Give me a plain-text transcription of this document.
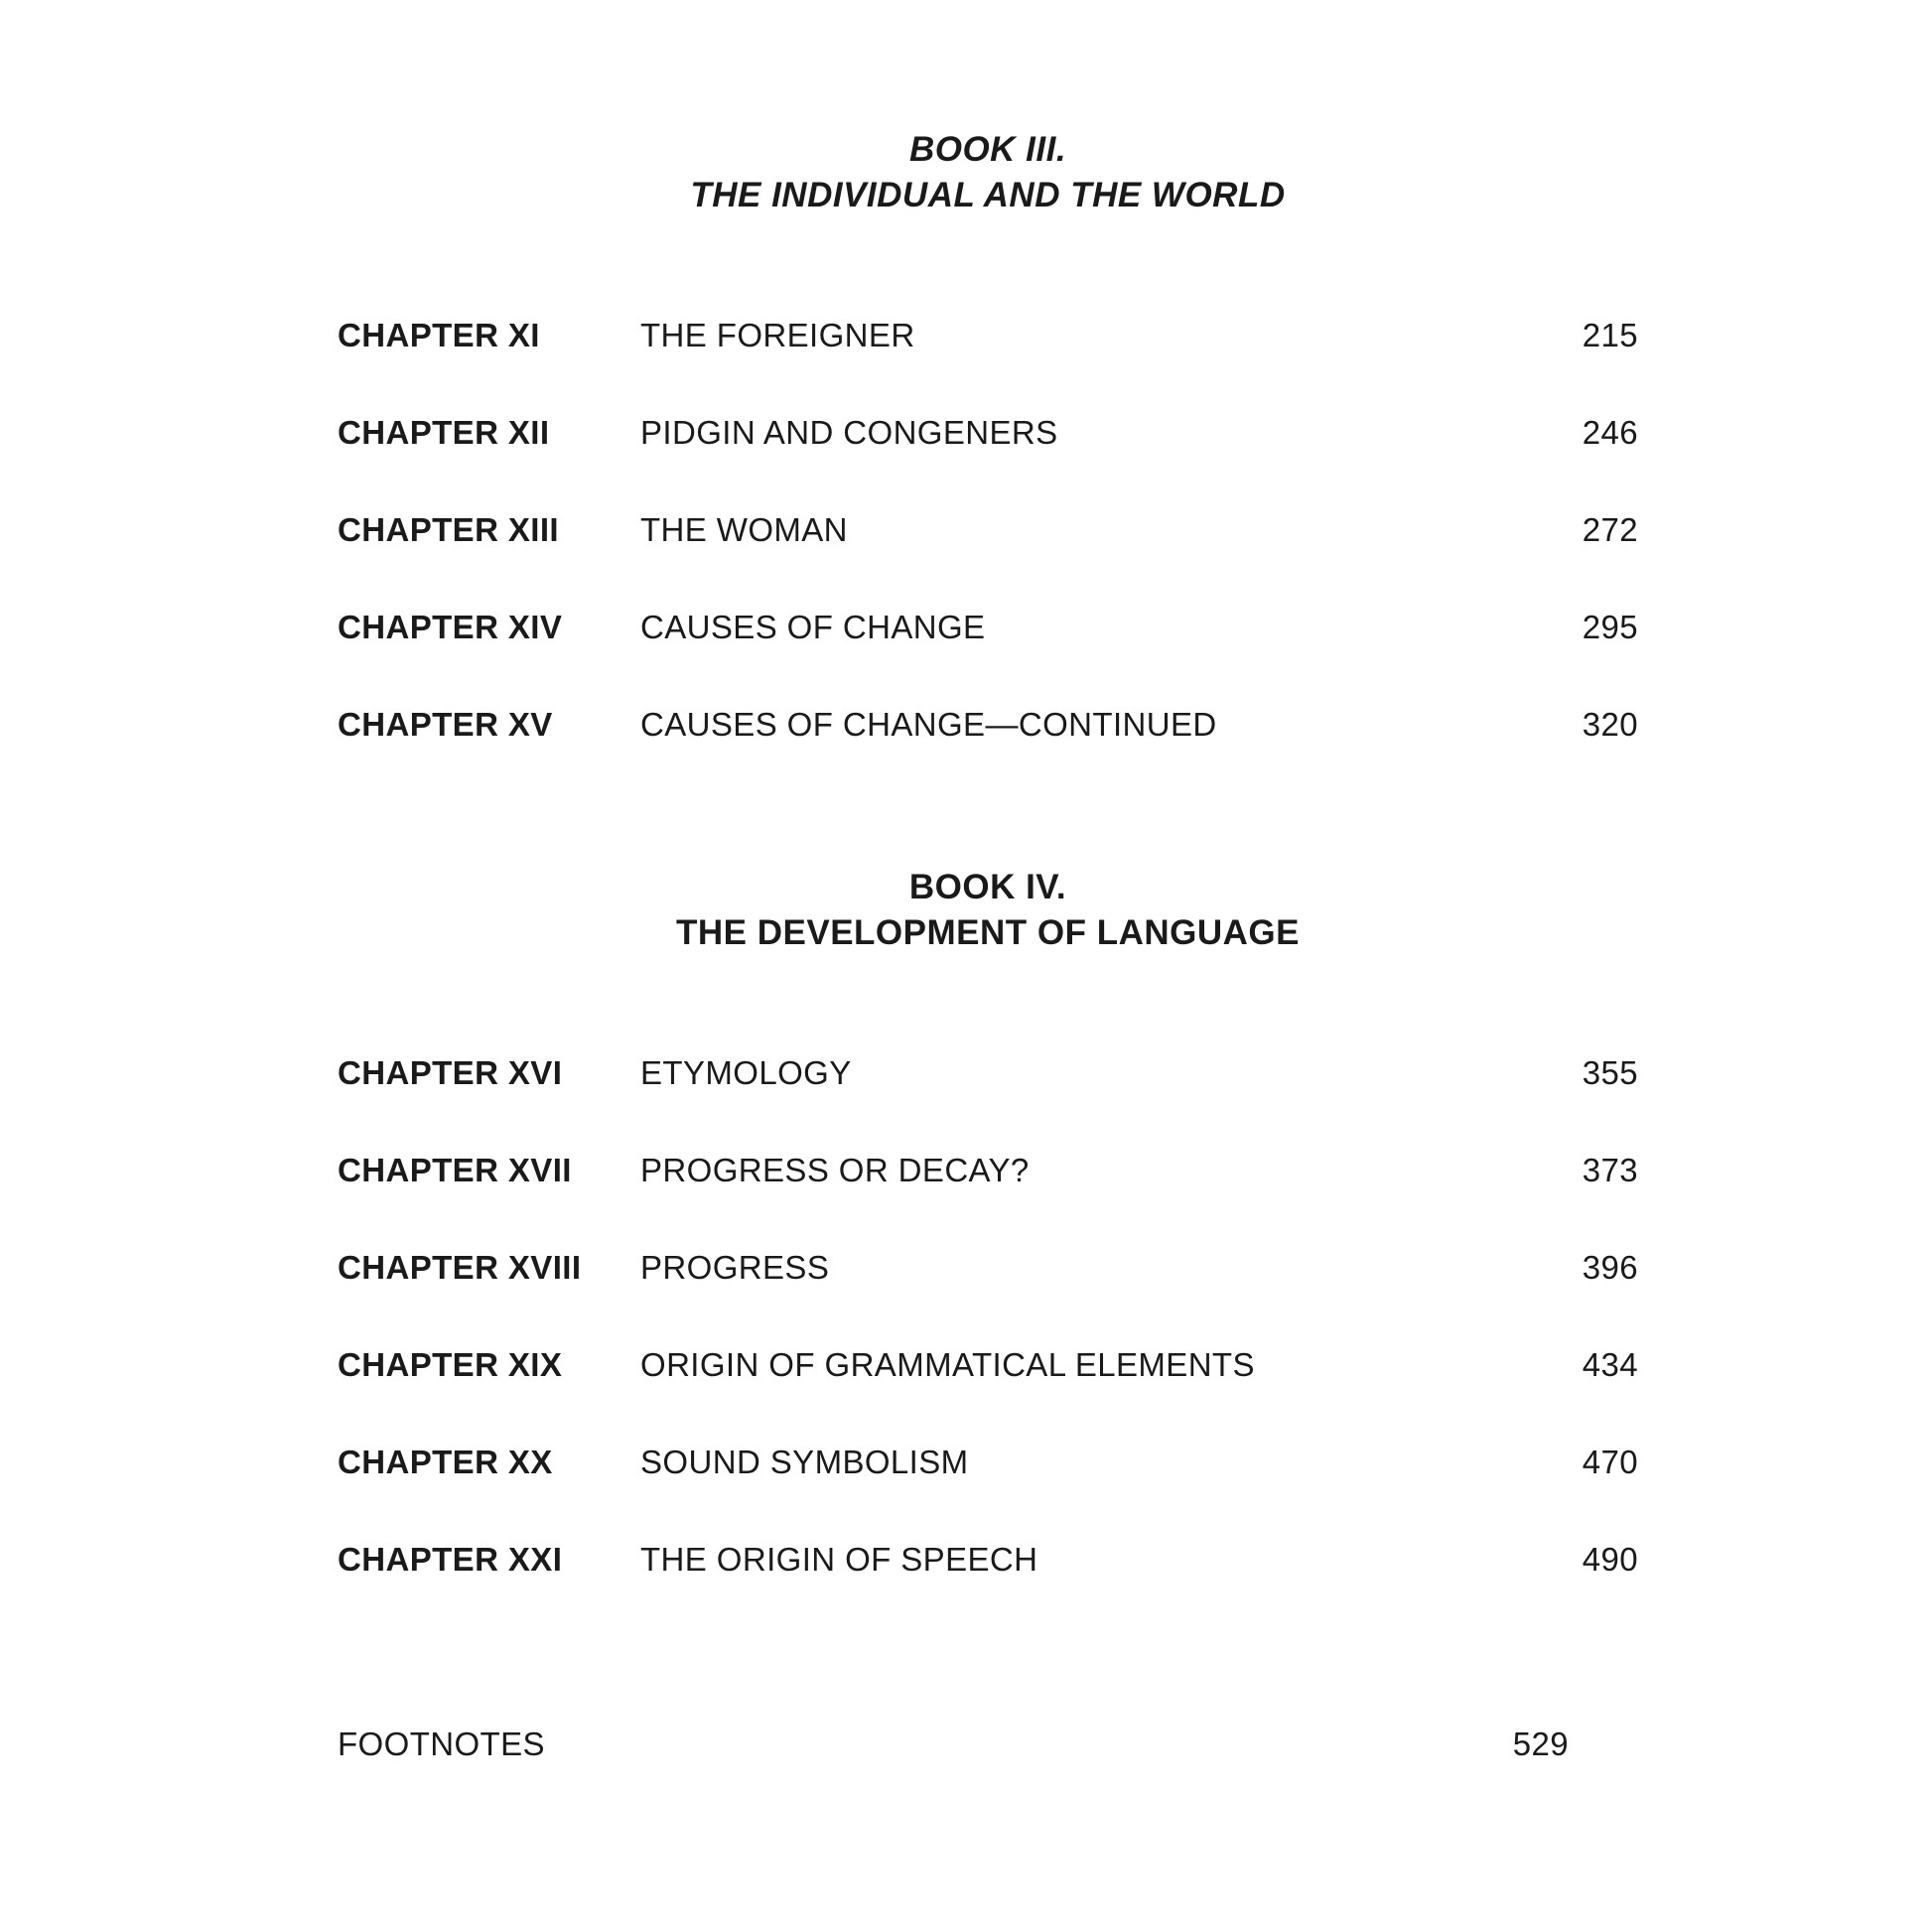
BOOK III.
THE INDIVIDUAL AND THE WORLD
CHAPTER XI	THE FOREIGNER	215
CHAPTER XII	PIDGIN AND CONGENERS	246
CHAPTER XIII	THE WOMAN	272
CHAPTER XIV	CAUSES OF CHANGE	295
CHAPTER XV	CAUSES OF CHANGE—CONTINUED	320
BOOK IV.
THE DEVELOPMENT OF LANGUAGE
CHAPTER XVI	ETYMOLOGY	355
CHAPTER XVII	PROGRESS OR DECAY?	373
CHAPTER XVIII	PROGRESS	396
CHAPTER XIX	ORIGIN OF GRAMMATICAL ELEMENTS	434
CHAPTER XX	SOUND SYMBOLISM	470
CHAPTER XXI	THE ORIGIN OF SPEECH	490
FOOTNOTES	529
